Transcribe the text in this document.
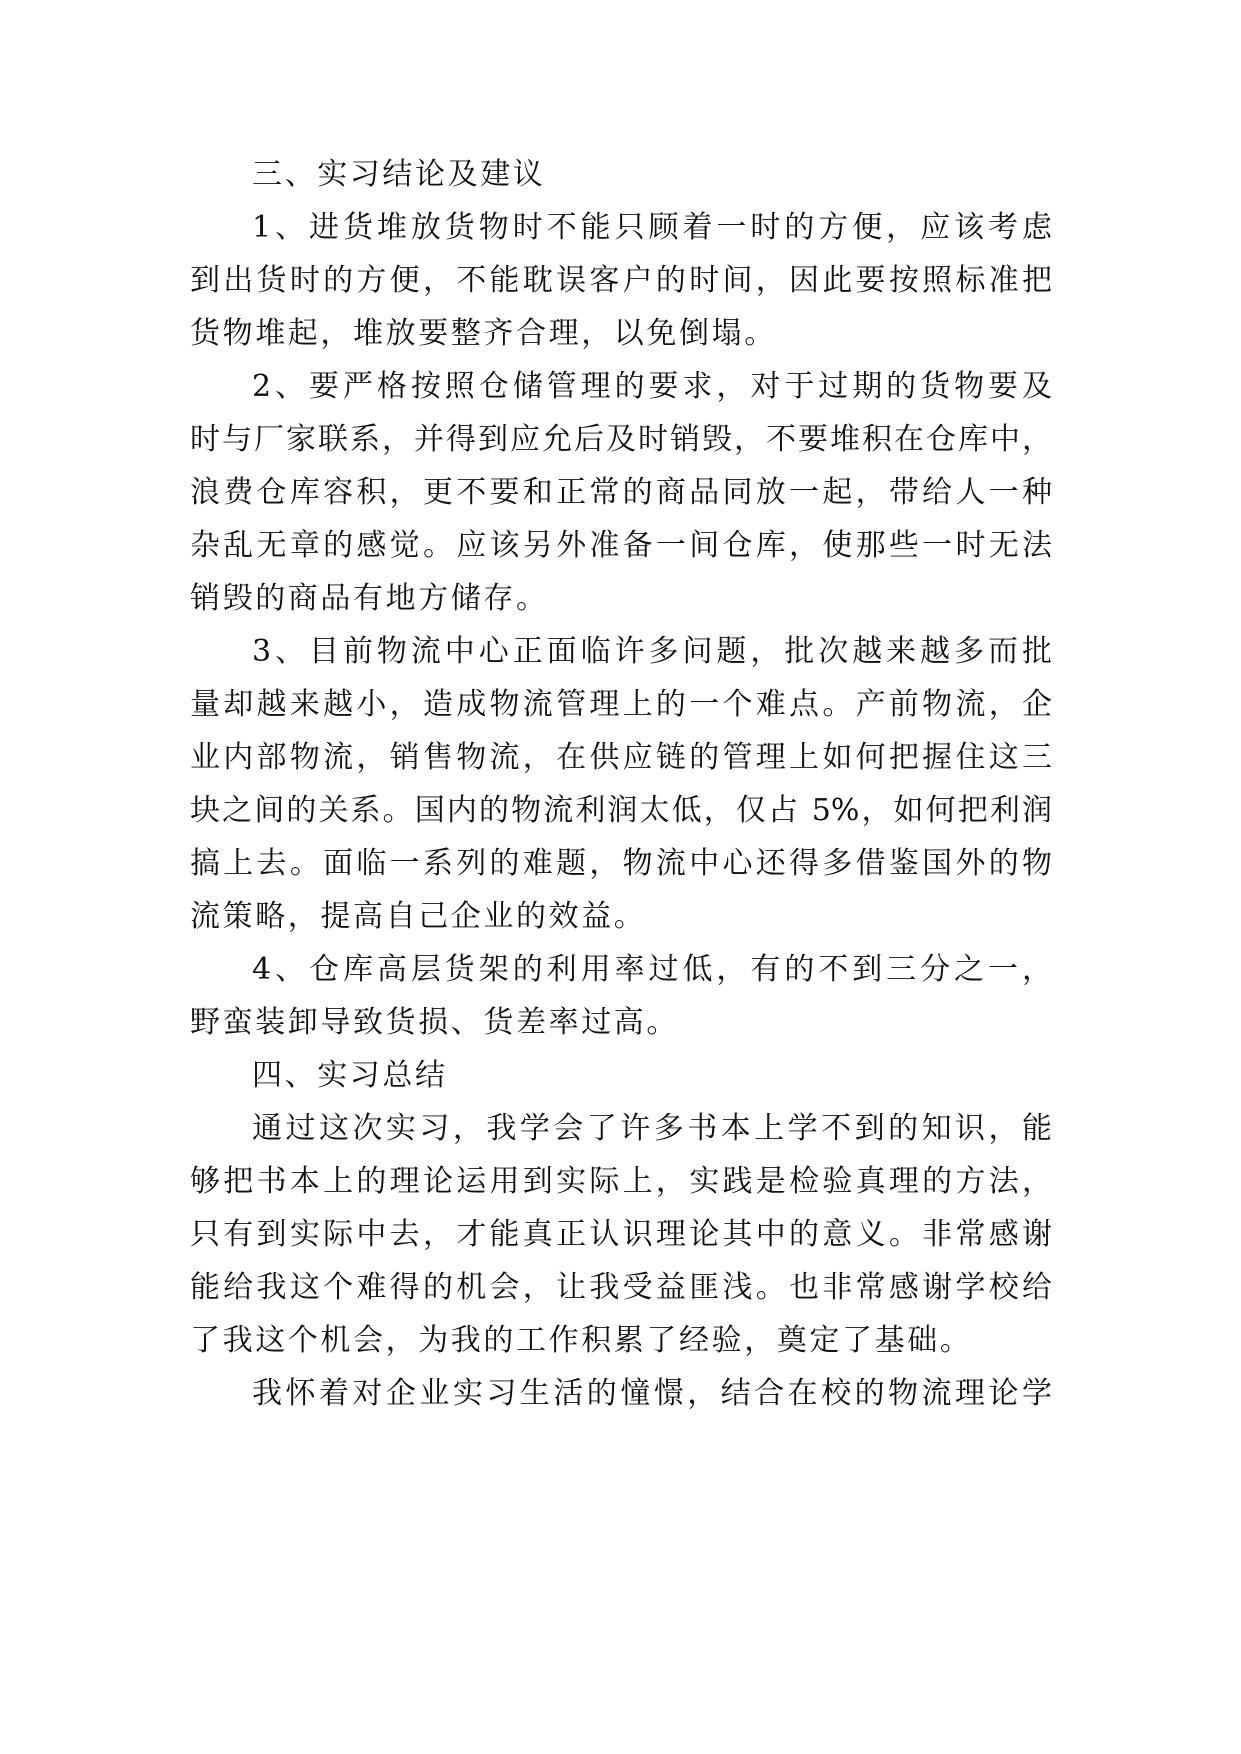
三、实习结论及建议
1、进货堆放货物时不能只顾着一时的方便，应该考虑
到出货时的方便，不能耽误客户的时间，因此要按照标准把
货物堆起，堆放要整齐合理，以免倒塌。
2、要严格按照仓储管理的要求，对于过期的货物要及
时与厂家联系，并得到应允后及时销毁，不要堆积在仓库中，
浪费仓库容积，更不要和正常的商品同放一起，带给人一种
杂乱无章的感觉。应该另外准备一间仓库，使那些一时无法
销毁的商品有地方储存。
3、目前物流中心正面临许多问题，批次越来越多而批
量却越来越小，造成物流管理上的一个难点。产前物流，企
业内部物流，销售物流，在供应链的管理上如何把握住这三
块之间的关系。国内的物流利润太低，仅占 5%，如何把利润
搞上去。面临一系列的难题，物流中心还得多借鉴国外的物
流策略，提高自己企业的效益。
4、仓库高层货架的利用率过低，有的不到三分之一，
野蛮装卸导致货损、货差率过高。
四、实习总结
通过这次实习，我学会了许多书本上学不到的知识，能
够把书本上的理论运用到实际上，实践是检验真理的方法，
只有到实际中去，才能真正认识理论其中的意义。非常感谢
能给我这个难得的机会，让我受益匪浅。也非常感谢学校给
了我这个机会，为我的工作积累了经验，奠定了基础。
我怀着对企业实习生活的憧憬，结合在校的物流理论学
